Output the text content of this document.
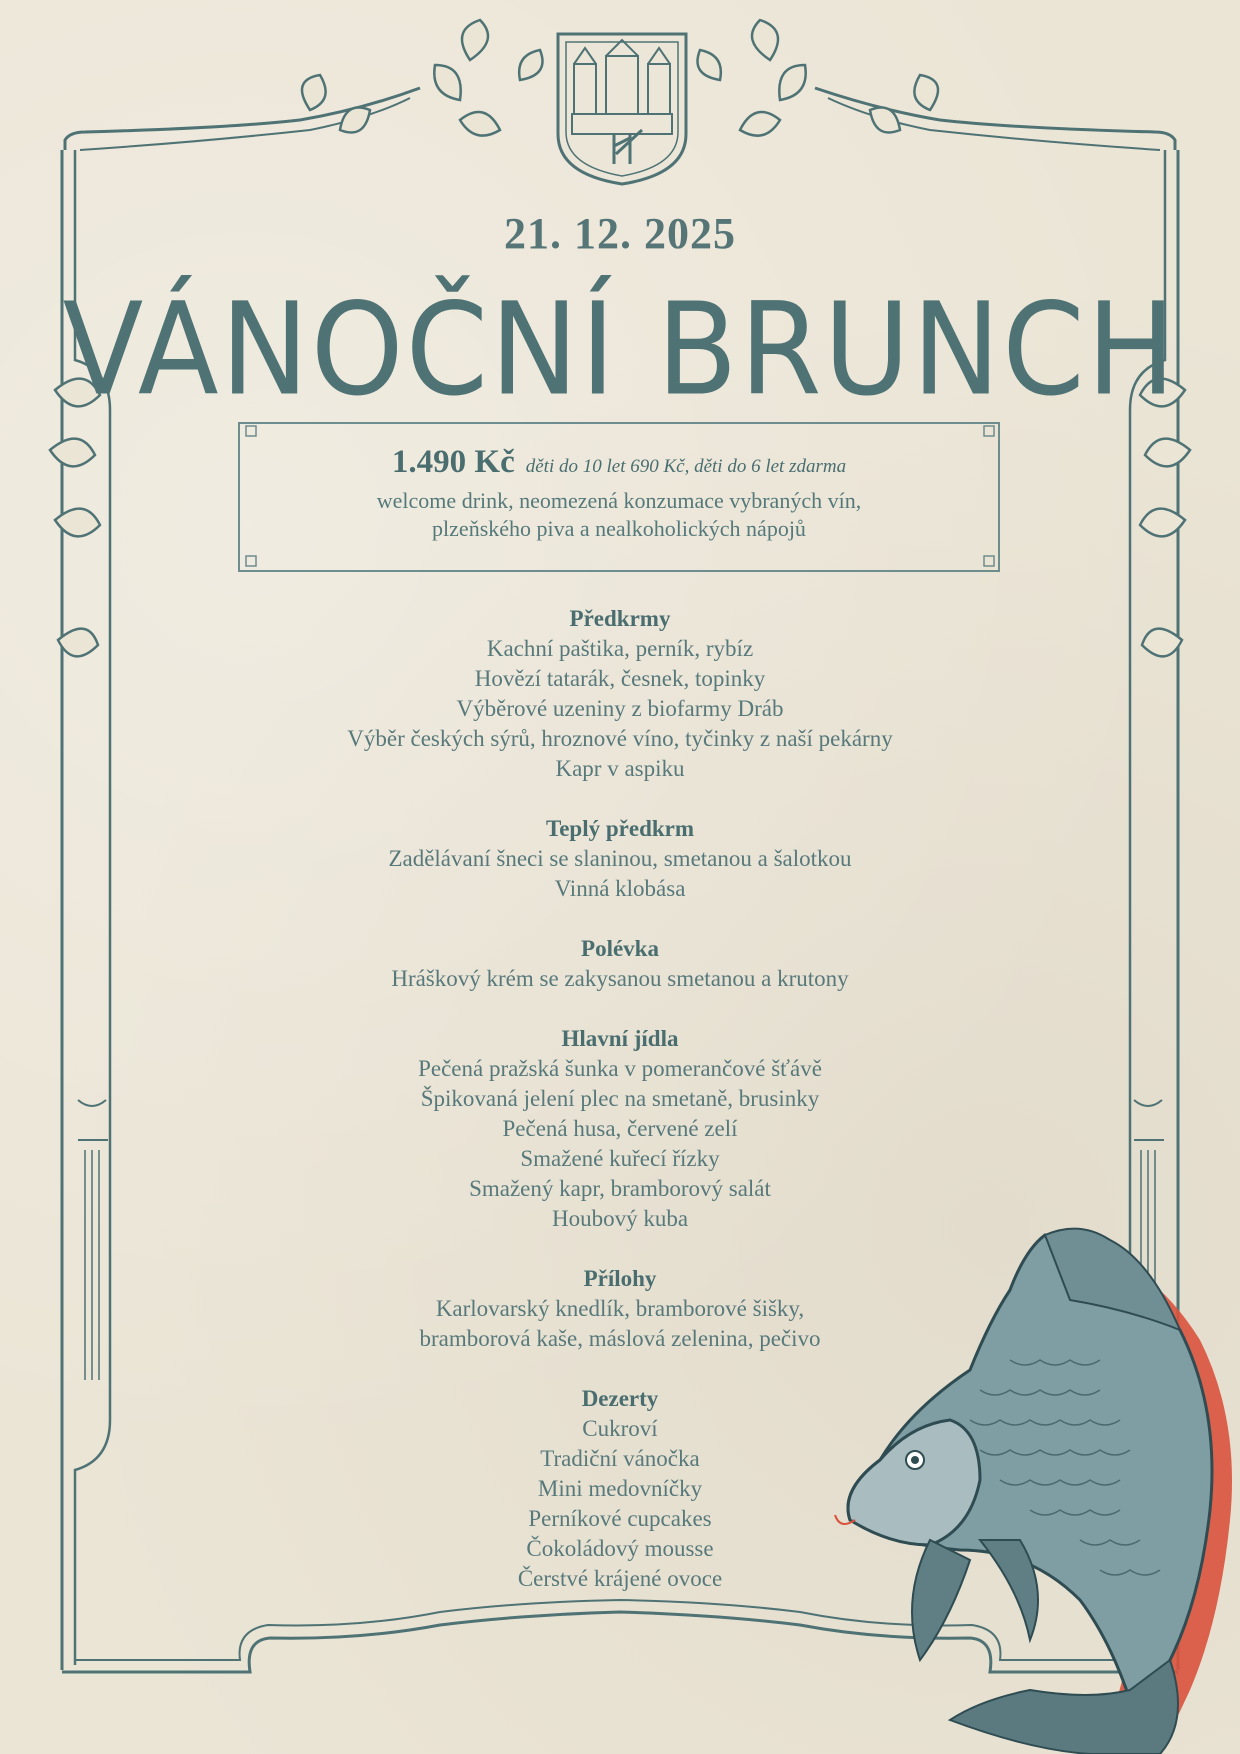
21. 12. 2025
VÁNOČNÍ BRUNCH
1.490 Kč děti do 10 let 690 Kč, děti do 6 let zdarma
welcome drink, neomezená konzumace vybraných vín,
plzeňského piva a nealkoholických nápojů
Předkrmy
Kachní paštika, perník, rybíz
Hovězí tatarák, česnek, topinky
Výběrové uzeniny z biofarmy Dráb
Výběr českých sýrů, hroznové víno, tyčinky z naší pekárny
Kapr v aspiku
Teplý předkrm
Zadělávaní šneci se slaninou, smetanou a šalotkou
Vinná klobása
Polévka
Hráškový krém se zakysanou smetanou a krutony
Hlavní jídla
Pečená pražská šunka v pomerančové šťávě
Špikovaná jelení plec na smetaně, brusinky
Pečená husa, červené zelí
Smažené kuřecí řízky
Smažený kapr, bramborový salát
Houbový kuba
Přílohy
Karlovarský knedlík, bramborové šišky,
bramborová kaše, máslová zelenina, pečivo
Dezerty
Cukroví
Tradiční vánočka
Mini medovníčky
Perníkové cupcakes
Čokoládový mousse
Čerstvé krájené ovoce
